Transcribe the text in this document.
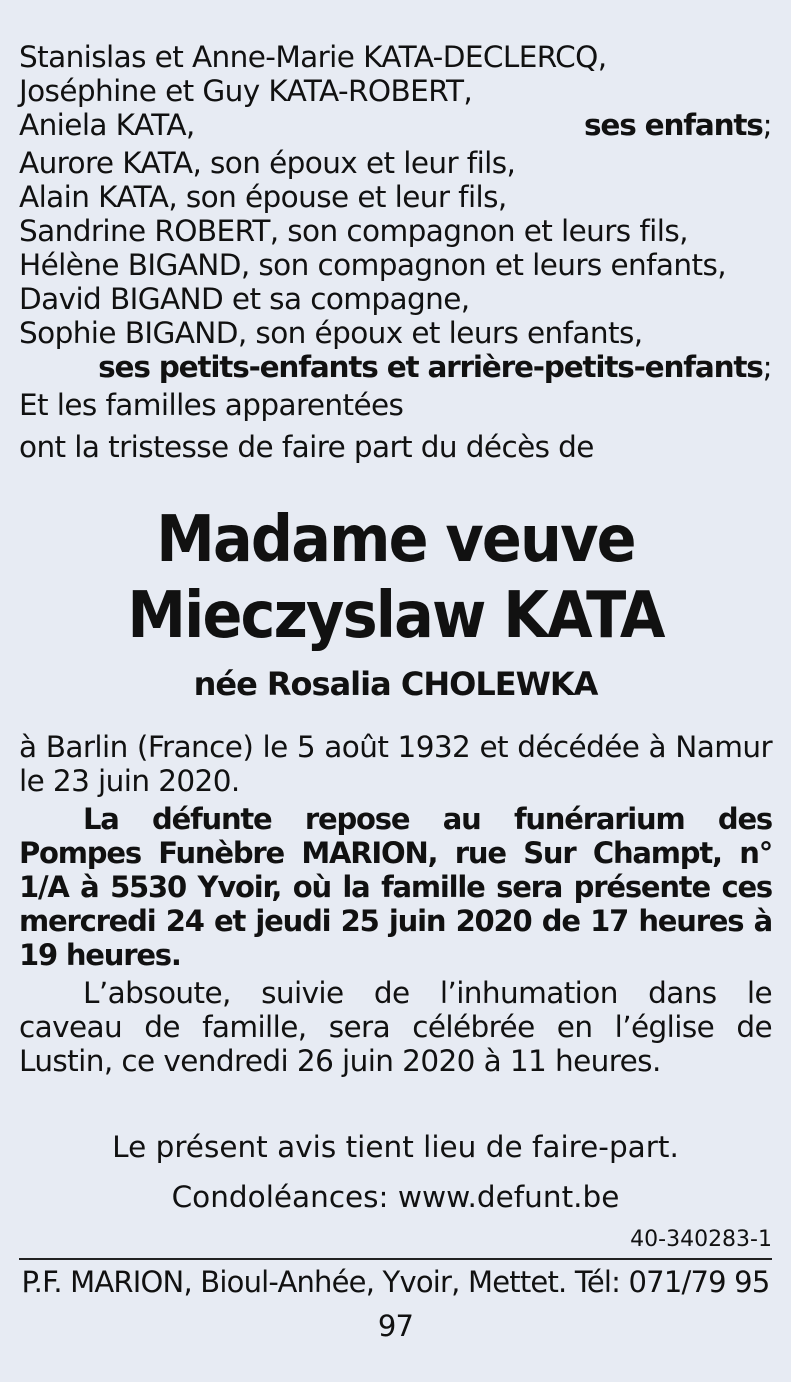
Stanislas et Anne-Marie KATA-DECLERCQ,
Joséphine et Guy KATA-ROBERT,
Aniela KATA,	ses enfants;
Aurore KATA, son époux et leur fils,
Alain KATA, son épouse et leur fils,
Sandrine ROBERT, son compagnon et leurs fils,
Hélène BIGAND, son compagnon et leurs enfants,
David BIGAND et sa compagne,
Sophie BIGAND, son époux et leurs enfants,
ses petits-enfants et arrière-petits-enfants;
Et les familles apparentées
ont la tristesse de faire part du décès de
Madame veuve
Mieczyslaw KATA
née Rosalia CHOLEWKA
à Barlin (France) le 5 août 1932 et décédée à Namur le 23 juin 2020.
La défunte repose au funérarium des Pompes Funèbre MARION, rue Sur Champt, n° 1/A à 5530 Yvoir, où la famille sera présente ces mercredi 24 et jeudi 25 juin 2020 de 17 heures à 19 heures.
L’absoute, suivie de l’inhumation dans le caveau de famille, sera célébrée en l’église de Lustin, ce vendredi 26 juin 2020 à 11 heures.
Le présent avis tient lieu de faire-part.
Condoléances: www.defunt.be
40-340283-1
P.F. MARION, Bioul-Anhée, Yvoir, Mettet. Tél: 071/79 95 97
